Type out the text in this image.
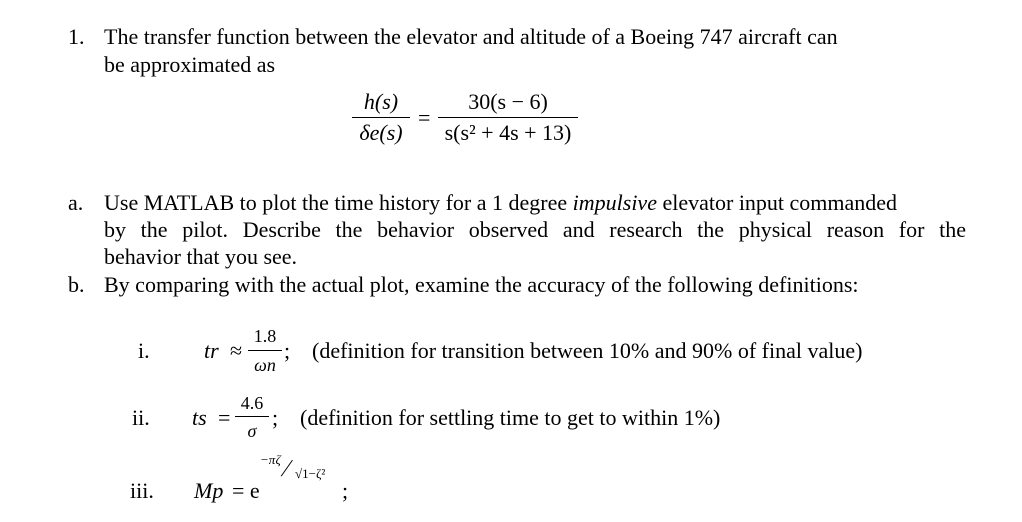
1. The transfer function between the elevator and altitude of a Boeing 747 aircraft can
be approximated as
h(s)
δe(s)
=
30(s − 6)
s(s² + 4s + 13)
a. Use MATLAB to plot the time history for a 1 degree impulsive elevator input commanded
by the pilot. Describe the behavior observed and research the physical reason for the
behavior that you see.
b. By comparing with the actual plot, examine the accuracy of the following definitions:
i. tr ≈
1.8
ωn
; (definition for transition between 10% and 90% of final value)
ii. ts =
4.6
σ
; (definition for settling time to get to within 1%)
iii. Mp = e
−πζ
/ √1−ζ²
;
